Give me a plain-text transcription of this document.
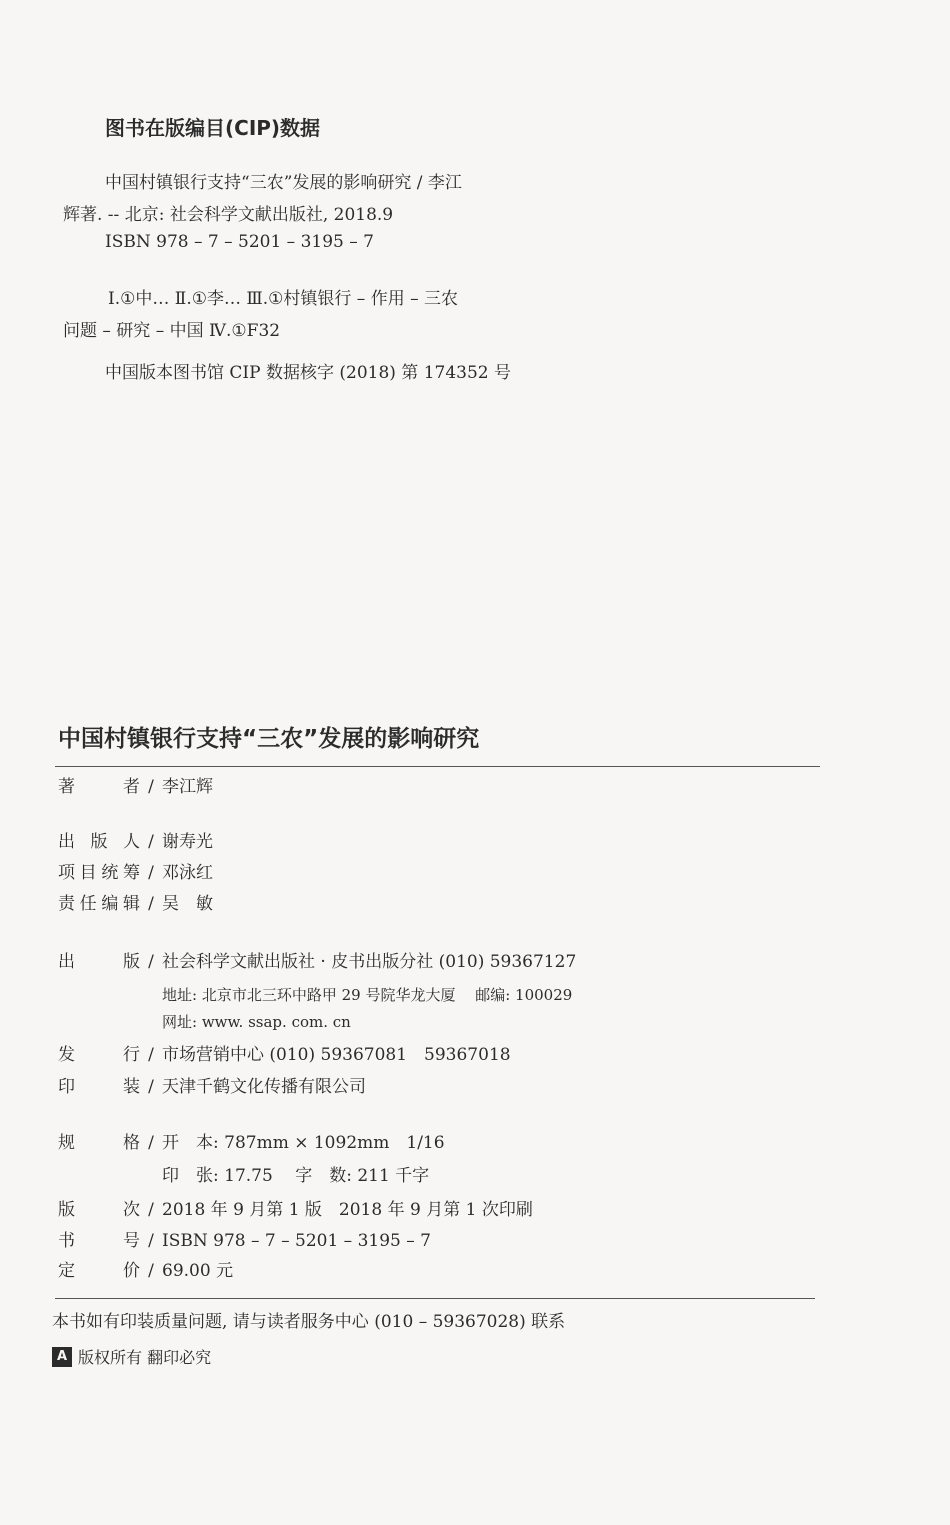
图书在版编目(CIP)数据
中国村镇银行支持“三农”发展的影响研究 / 李江
辉著. -- 北京: 社会科学文献出版社, 2018.9
ISBN 978 – 7 – 5201 – 3195 – 7
Ⅰ.①中… Ⅱ.①李… Ⅲ.①村镇银行 – 作用 – 三农
问题 – 研究 – 中国 Ⅳ.①F32
中国版本图书馆 CIP 数据核字 (2018) 第 174352 号
中国村镇银行支持“三农”发展的影响研究
著　　者 / 李江辉
出 版 人 / 谢寿光
项目统筹 / 邓泳红
责任编辑 / 吴　敏
出　　版 / 社会科学文献出版社 · 皮书出版分社 (010) 59367127
地址: 北京市北三环中路甲 29 号院华龙大厦　 邮编: 100029
网址: www. ssap. com. cn
发　　行 / 市场营销中心 (010) 59367081　59367018
印　　装 / 天津千鹤文化传播有限公司
规　　格 / 开　本: 787mm × 1092mm　1/16
印　张: 17.75　 字　数: 211 千字
版　　次 / 2018 年 9 月第 1 版　2018 年 9 月第 1 次印刷
书　　号 / ISBN 978 – 7 – 5201 – 3195 – 7
定　　价 / 69.00 元
本书如有印装质量问题, 请与读者服务中心 (010 – 59367028) 联系
A 版权所有 翻印必究
